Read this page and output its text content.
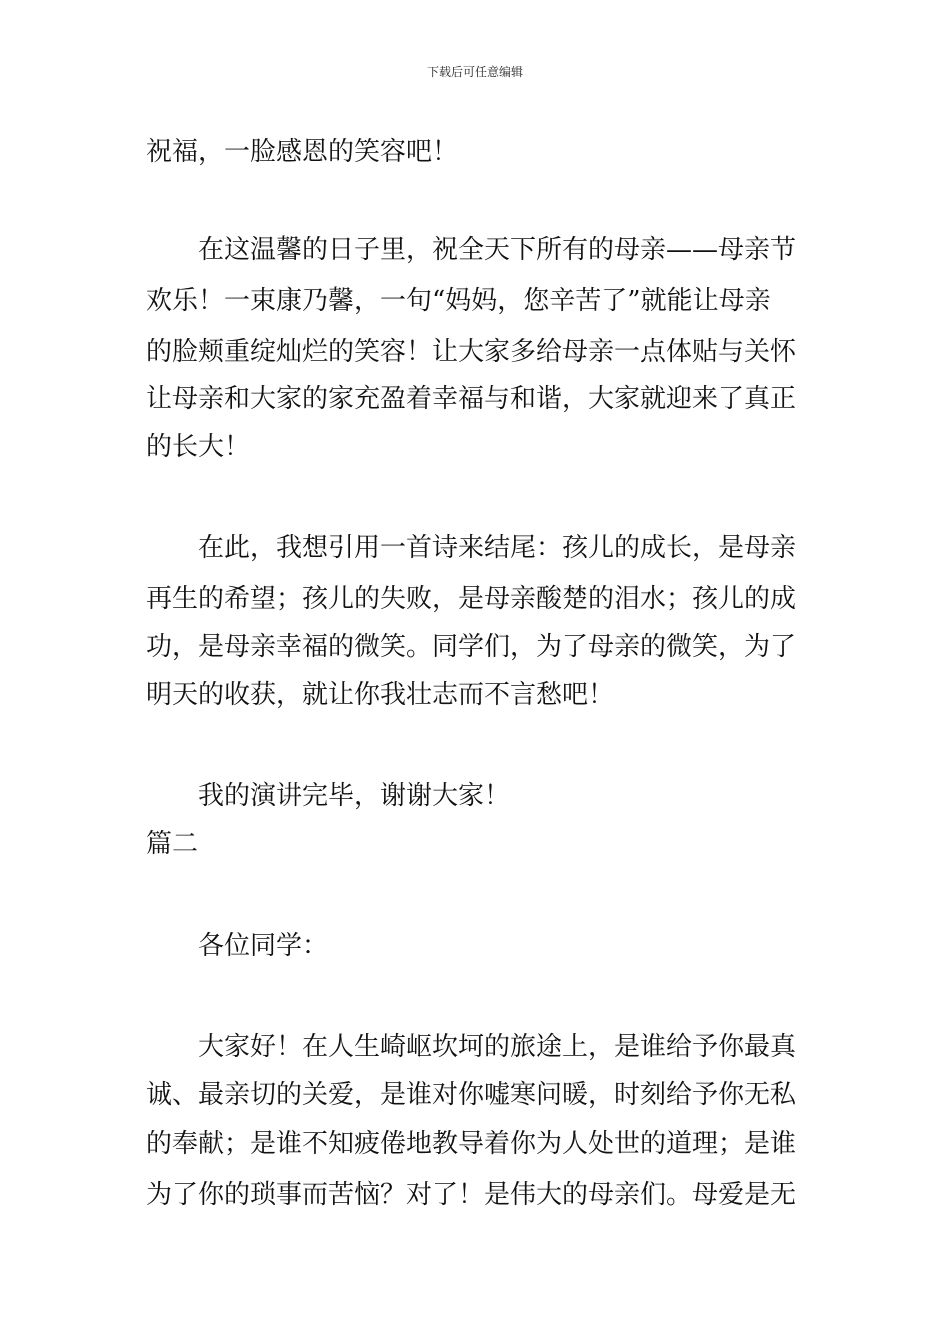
下载后可任意编辑
祝福，一脸感恩的笑容吧！
在这温馨的日子里，祝全天下所有的母亲——母亲节
欢乐！一束康乃馨，一句“妈妈，您辛苦了”就能让母亲
的脸颊重绽灿烂的笑容！让大家多给母亲一点体贴与关怀
让母亲和大家的家充盈着幸福与和谐，大家就迎来了真正
的长大！
在此，我想引用一首诗来结尾：孩儿的成长，是母亲
再生的希望；孩儿的失败，是母亲酸楚的泪水；孩儿的成
功，是母亲幸福的微笑。同学们，为了母亲的微笑，为了
明天的收获，就让你我壮志而不言愁吧！
我的演讲完毕，谢谢大家！
篇二
各位同学：
大家好！在人生崎岖坎坷的旅途上，是谁给予你最真
诚、最亲切的关爱，是谁对你嘘寒问暖，时刻给予你无私
的奉献；是谁不知疲倦地教导着你为人处世的道理；是谁
为了你的琐事而苦恼？对了！是伟大的母亲们。母爱是无
